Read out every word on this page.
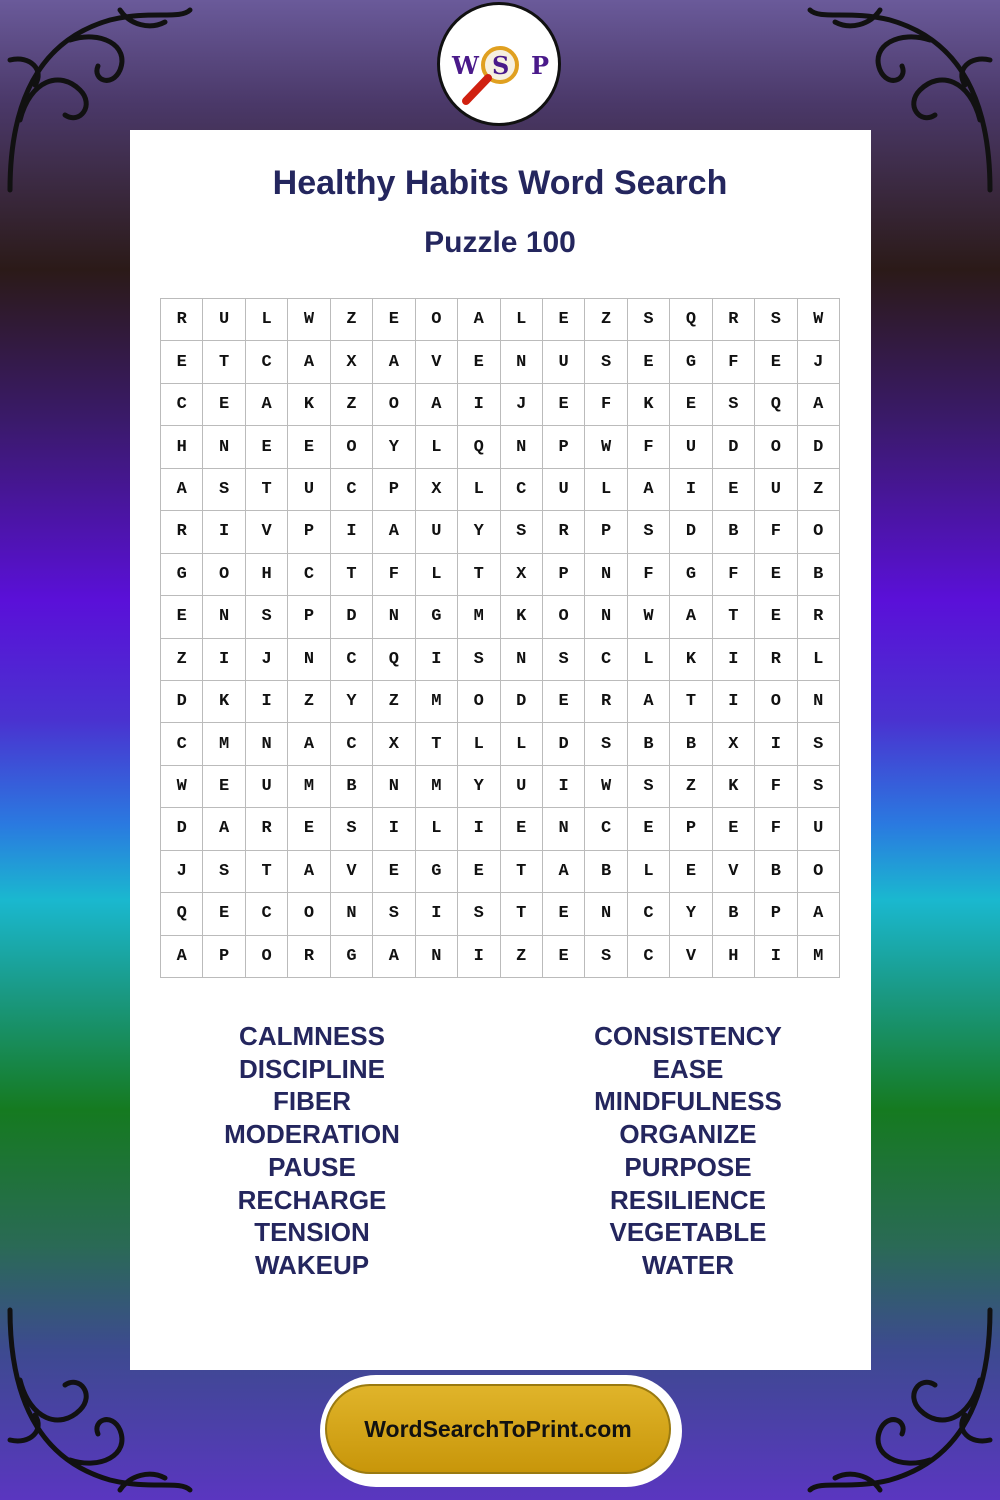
W S P
Healthy Habits Word Search
Puzzle 100
R	U	L	W	Z	E	O	A	L	E	Z	S	Q	R	S	W
E	T	C	A	X	A	V	E	N	U	S	E	G	F	E	J
C	E	A	K	Z	O	A	I	J	E	F	K	E	S	Q	A
H	N	E	E	O	Y	L	Q	N	P	W	F	U	D	O	D
A	S	T	U	C	P	X	L	C	U	L	A	I	E	U	Z
R	I	V	P	I	A	U	Y	S	R	P	S	D	B	F	O
G	O	H	C	T	F	L	T	X	P	N	F	G	F	E	B
E	N	S	P	D	N	G	M	K	O	N	W	A	T	E	R
Z	I	J	N	C	Q	I	S	N	S	C	L	K	I	R	L
D	K	I	Z	Y	Z	M	O	D	E	R	A	T	I	O	N
C	M	N	A	C	X	T	L	L	D	S	B	B	X	I	S
W	E	U	M	B	N	M	Y	U	I	W	S	Z	K	F	S
D	A	R	E	S	I	L	I	E	N	C	E	P	E	F	U
J	S	T	A	V	E	G	E	T	A	B	L	E	V	B	O
Q	E	C	O	N	S	I	S	T	E	N	C	Y	B	P	A
A	P	O	R	G	A	N	I	Z	E	S	C	V	H	I	M
CALMNESS
DISCIPLINE
FIBER
MODERATION
PAUSE
RECHARGE
TENSION
WAKEUP
CONSISTENCY
EASE
MINDFULNESS
ORGANIZE
PURPOSE
RESILIENCE
VEGETABLE
WATER
WordSearchToPrint.com
